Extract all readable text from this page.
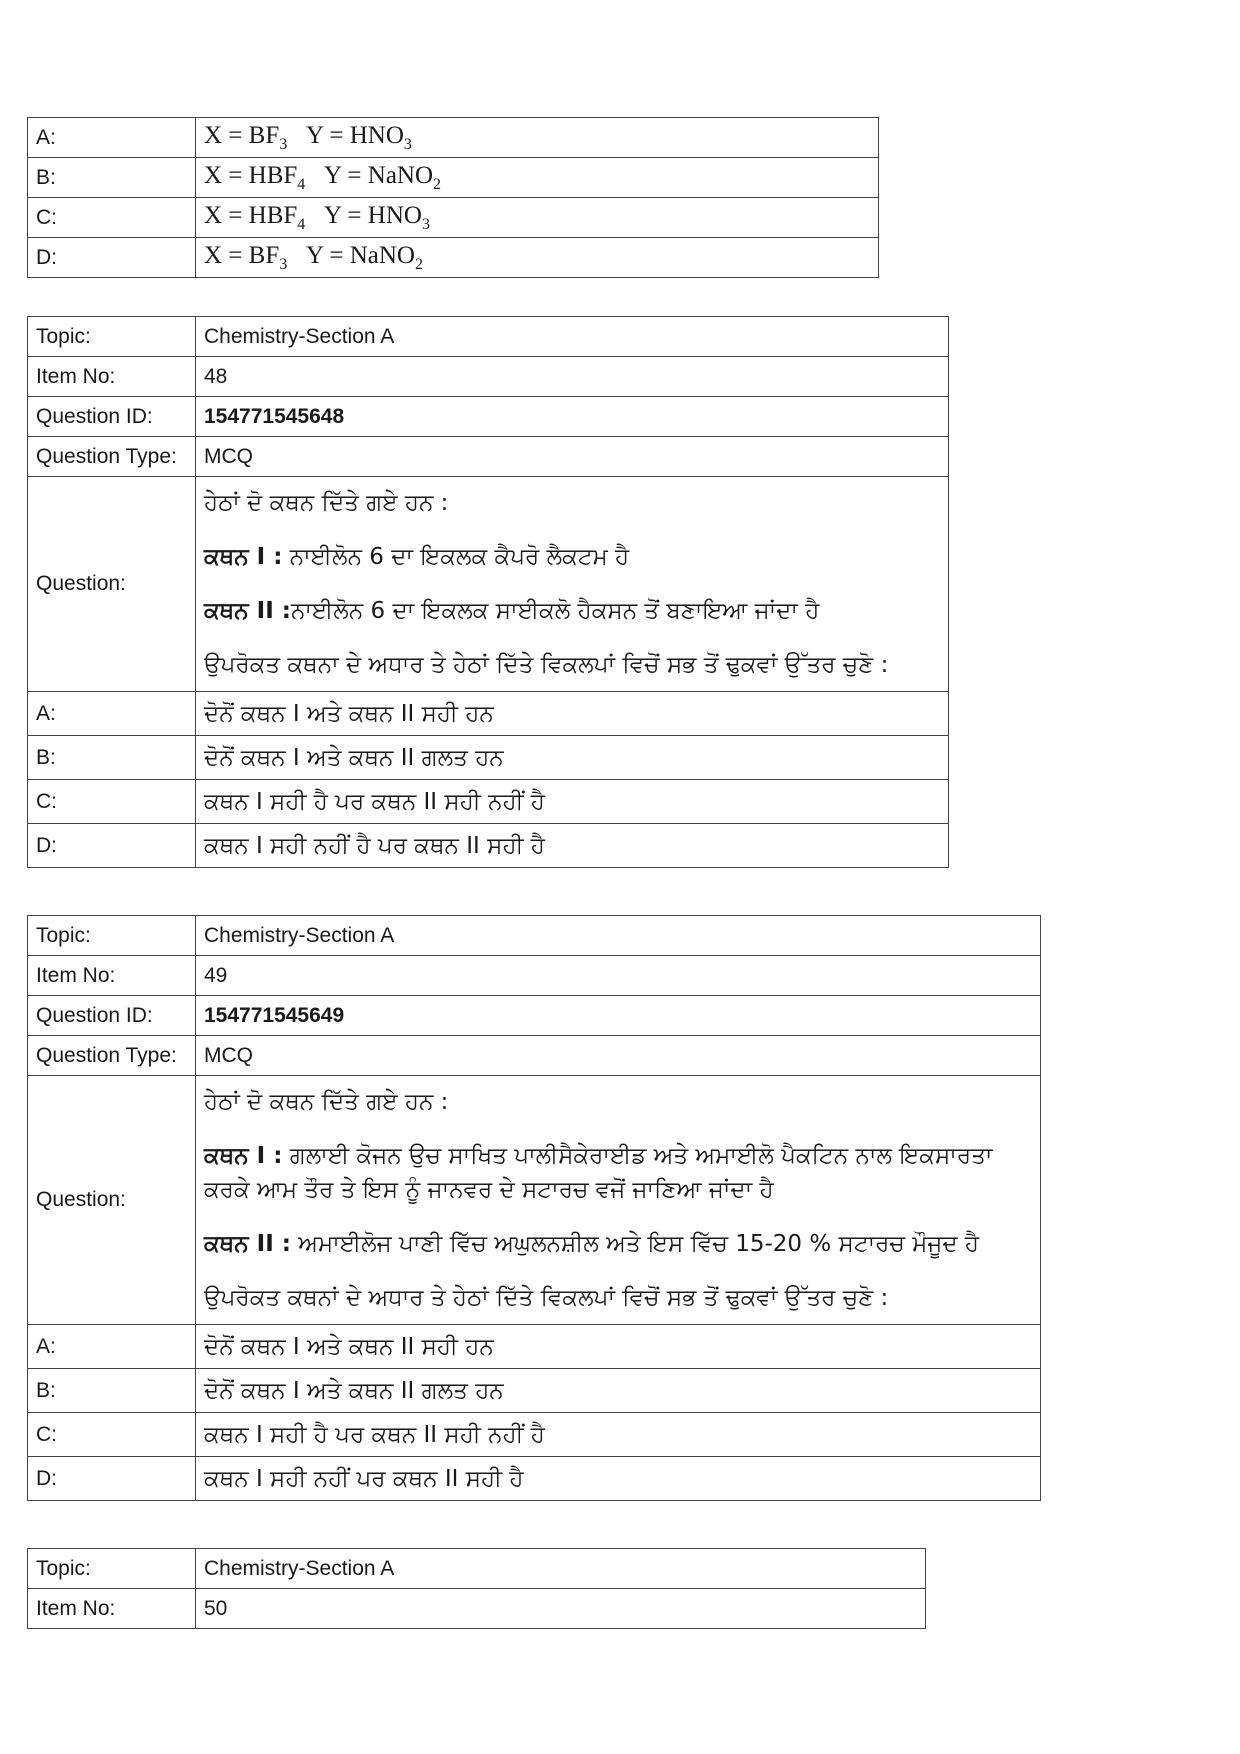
A:	$X = BF_3$ $Y = HNO_3$
B:	$X = HBF_4$ Y = NaNO$_2$
C:	$X = HBF_4$ $Y = HNO_3$
D:	$X = BF_3$ Y = NaNO$_2$
Topic:	Chemistry-Section A
Item No:	48
Question ID:	154771545648
Question Type:	MCQ
Question:	ਹੇਠਾਂ ਦੋ ਕਥਨ ਦਿੱਤੇ ਗਏ ਹਨ :

ਕਥਨ I : ਨਾਈਲੋਨ 6 ਦਾ ਇਕਲਕ ਕੈਪਰੋ ਲੈਕਟਮ ਹੈ

ਕਥਨ II :ਨਾਈਲੋਨ 6 ਦਾ ਇਕਲਕ ਸਾਈਕਲੋ ਹੈਕਸਨ ਤੋਂ ਬਣਾਇਆ ਜਾਂਦਾ ਹੈ

ਉਪਰੋਕਤ ਕਥਨਾ ਦੇ ਅਧਾਰ ਤੇ ਹੇਠਾਂ ਦਿੱਤੇ ਵਿਕਲਪਾਂ ਵਿਚੋਂ ਸਭ ਤੋਂ ਢੁਕਵਾਂ ਉੱਤਰ ਚੁਣੋ :

A:	ਦੋਨੋਂ ਕਥਨ I ਅਤੇ ਕਥਨ II ਸਹੀ ਹਨ
B:	ਦੋਨੋਂ ਕਥਨ I ਅਤੇ ਕਥਨ II ਗਲਤ ਹਨ
C:	ਕਥਨ I ਸਹੀ ਹੈ ਪਰ ਕਥਨ II ਸਹੀ ਨਹੀਂ ਹੈ
D:	ਕਥਨ I ਸਹੀ ਨਹੀਂ ਹੈ ਪਰ ਕਥਨ II ਸਹੀ ਹੈ
Topic:	Chemistry-Section A
Item No:	49
Question ID:	154771545649
Question Type:	MCQ
Question:	ਹੇਠਾਂ ਦੋ ਕਥਨ ਦਿੱਤੇ ਗਏ ਹਨ :

ਕਥਨ I : ਗਲਾਈ ਕੋਜਨ ਉਚ ਸਾਖਿਤ ਪਾਲੀਸੈਕੇਰਾਈਡ ਅਤੇ ਅਮਾਈਲੋ ਪੈਕਟਿਨ ਨਾਲ ਇਕਸਾਰਤਾ ਕਰਕੇ ਆਮ ਤੌਰ ਤੇ ਇਸ ਨੂੰ ਜਾਨਵਰ ਦੇ ਸਟਾਰਚ ਵਜੋਂ ਜਾਣਿਆ ਜਾਂਦਾ ਹੈ

ਕਥਨ II : ਅਮਾਈਲੋਜ ਪਾਣੀ ਵਿੱਚ ਅਘੁਲਨਸ਼ੀਲ ਅਤੇ ਇਸ ਵਿੱਚ 15-20 % ਸਟਾਰਚ ਮੌਜੂਦ ਹੈ

ਉਪਰੋਕਤ ਕਥਨਾਂ ਦੇ ਅਧਾਰ ਤੇ ਹੇਠਾਂ ਦਿੱਤੇ ਵਿਕਲਪਾਂ ਵਿਚੋਂ ਸਭ ਤੋਂ ਢੁਕਵਾਂ ਉੱਤਰ ਚੁਣੋ :

A:	ਦੋਨੋਂ ਕਥਨ I ਅਤੇ ਕਥਨ II ਸਹੀ ਹਨ
B:	ਦੋਨੋਂ ਕਥਨ I ਅਤੇ ਕਥਨ II ਗਲਤ ਹਨ
C:	ਕਥਨ I ਸਹੀ ਹੈ ਪਰ ਕਥਨ II ਸਹੀ ਨਹੀਂ ਹੈ
D:	ਕਥਨ I ਸਹੀ ਨਹੀਂ ਪਰ ਕਥਨ II ਸਹੀ ਹੈ
Topic:	Chemistry-Section A
Item No:	50
